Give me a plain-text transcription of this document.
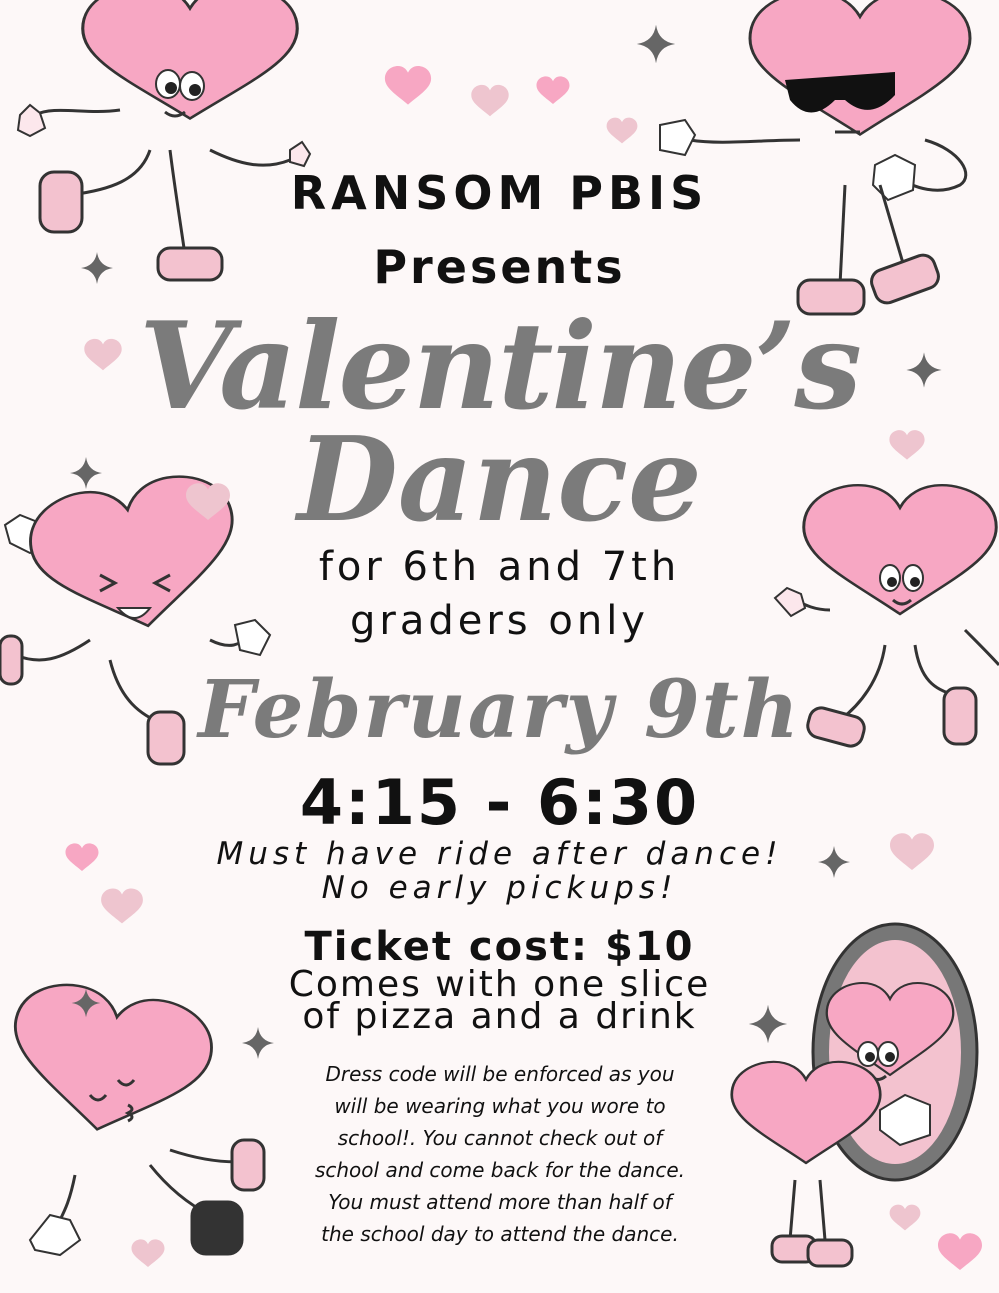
RANSOM PBIS
Presents
Valentine’s
Dance
for 6th and 7th
graders only
February 9th
4:15 - 6:30
Must have ride after dance!
No early pickups!
Ticket cost: $10
Comes with one slice
of pizza and a drink
Dress code will be enforced as you
will be wearing what you wore to
school!. You cannot check out of
school and come back for the dance.
You must attend more than half of
the school day to attend the dance.
